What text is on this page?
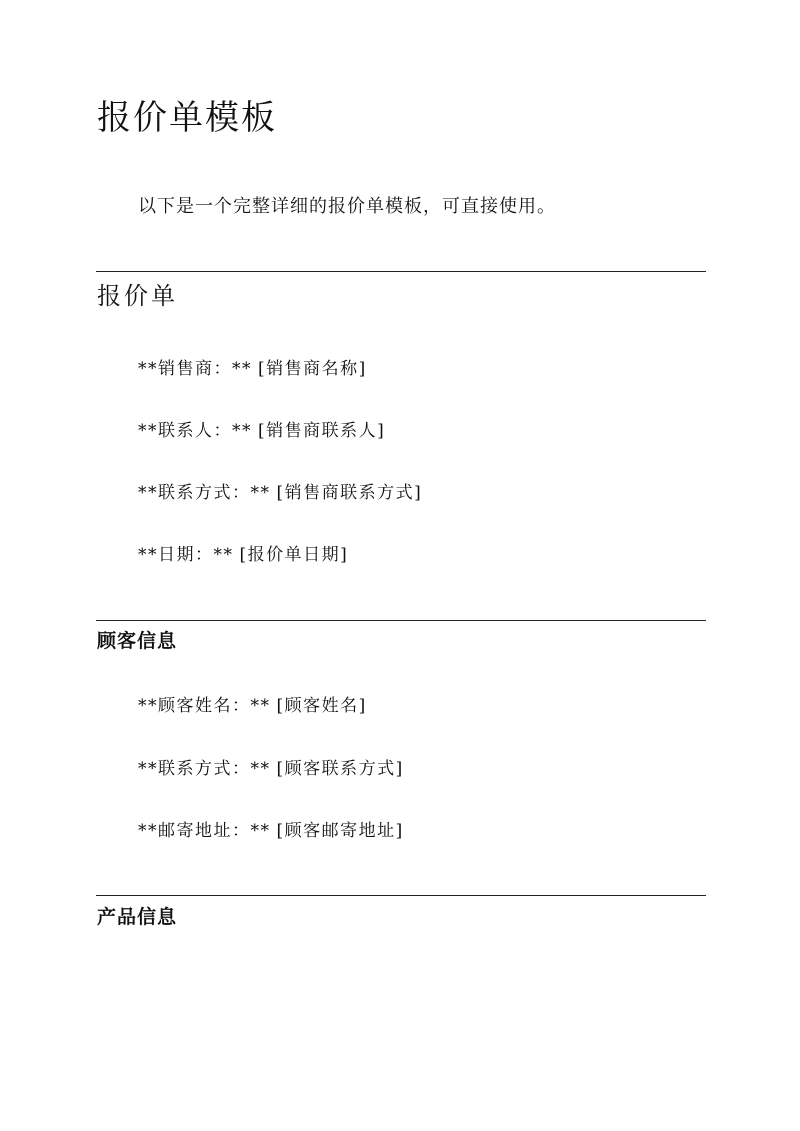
报价单模板

以下是一个完整详细的报价单模板，可直接使用。

报价单

**销售商：** [销售商名称]

**联系人：** [销售商联系人]

**联系方式：** [销售商联系方式]

**日期：** [报价单日期]

顾客信息

**顾客姓名：** [顾客姓名]

**联系方式：** [顾客联系方式]

**邮寄地址：** [顾客邮寄地址]

产品信息
